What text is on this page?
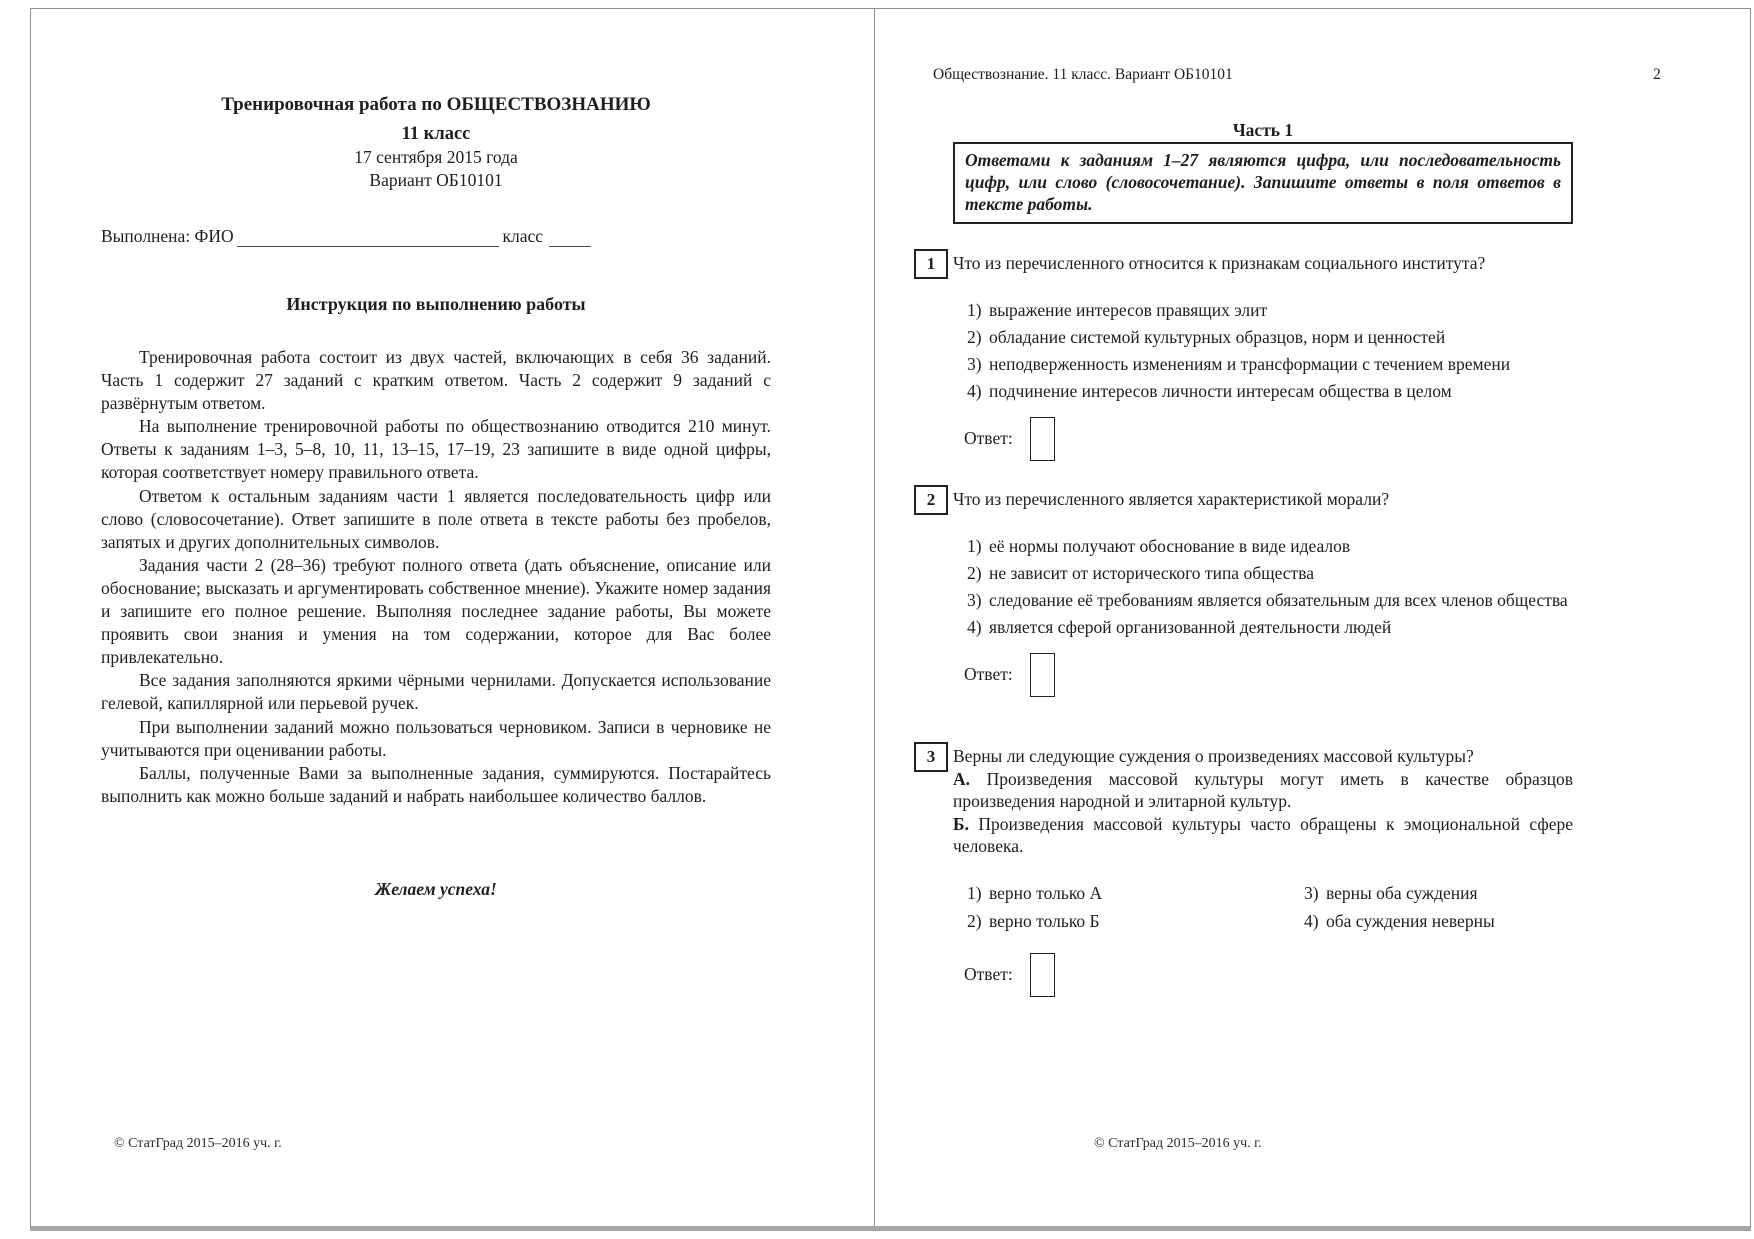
Тренировочная работа по ОБЩЕСТВОЗНАНИЮ
11 класс
17 сентября 2015 года
Вариант ОБ10101
Выполнена: ФИО	класс
Инструкция по выполнению работы

Тренировочная работа состоит из двух частей, включающих в себя 36 заданий. Часть 1 содержит 27 заданий с кратким ответом. Часть 2 содержит 9 заданий с развёрнутым ответом.

На выполнение тренировочной работы по обществознанию отводится 210 минут. Ответы к заданиям 1–3, 5–8, 10, 11, 13–15, 17–19, 23 запишите в виде одной цифры, которая соответствует номеру правильного ответа.

Ответом к остальным заданиям части 1 является последовательность цифр или слово (словосочетание). Ответ запишите в поле ответа в тексте работы без пробелов, запятых и других дополнительных символов.

Задания части 2 (28–36) требуют полного ответа (дать объяснение, описание или обоснование; высказать и аргументировать собственное мнение). Укажите номер задания и запишите его полное решение. Выполняя последнее задание работы, Вы можете проявить свои знания и умения на том содержании, которое для Вас более привлекательно.

Все задания заполняются яркими чёрными чернилами. Допускается использование гелевой, капиллярной или перьевой ручек.

При выполнении заданий можно пользоваться черновиком. Записи в черновике не учитываются при оценивании работы.

Баллы, полученные Вами за выполненные задания, суммируются. Постарайтесь выполнить как можно больше заданий и набрать наибольшее количество баллов.

Желаем успеха!
© СтатГрад 2015–2016 уч. г.
Обществознание. 11 класс. Вариант ОБ10101	2
Часть 1
Ответами к заданиям 1–27 являются цифра, или последовательность цифр, или слово (словосочетание). Запишите ответы в поля ответов в тексте работы.
1	Что из перечисленного относится к признакам социального института?
1) выражение интересов правящих элит
2) обладание системой культурных образцов, норм и ценностей
3) неподверженность изменениям и трансформации с течением времени
4) подчинение интересов личности интересам общества в целом
Ответ:
2	Что из перечисленного является характеристикой морали?
1) её нормы получают обоснование в виде идеалов
2) не зависит от исторического типа общества
3) следование её требованиям является обязательным для всех членов общества
4) является сферой организованной деятельности людей
Ответ:
3	Верны ли следующие суждения о произведениях массовой культуры?
А. Произведения массовой культуры могут иметь в качестве образцов произведения народной и элитарной культур.
Б. Произведения массовой культуры часто обращены к эмоциональной сфере человека.
1) верно только А	3) верны оба суждения
2) верно только Б	4) оба суждения неверны
Ответ:
© СтатГрад 2015–2016 уч. г.
